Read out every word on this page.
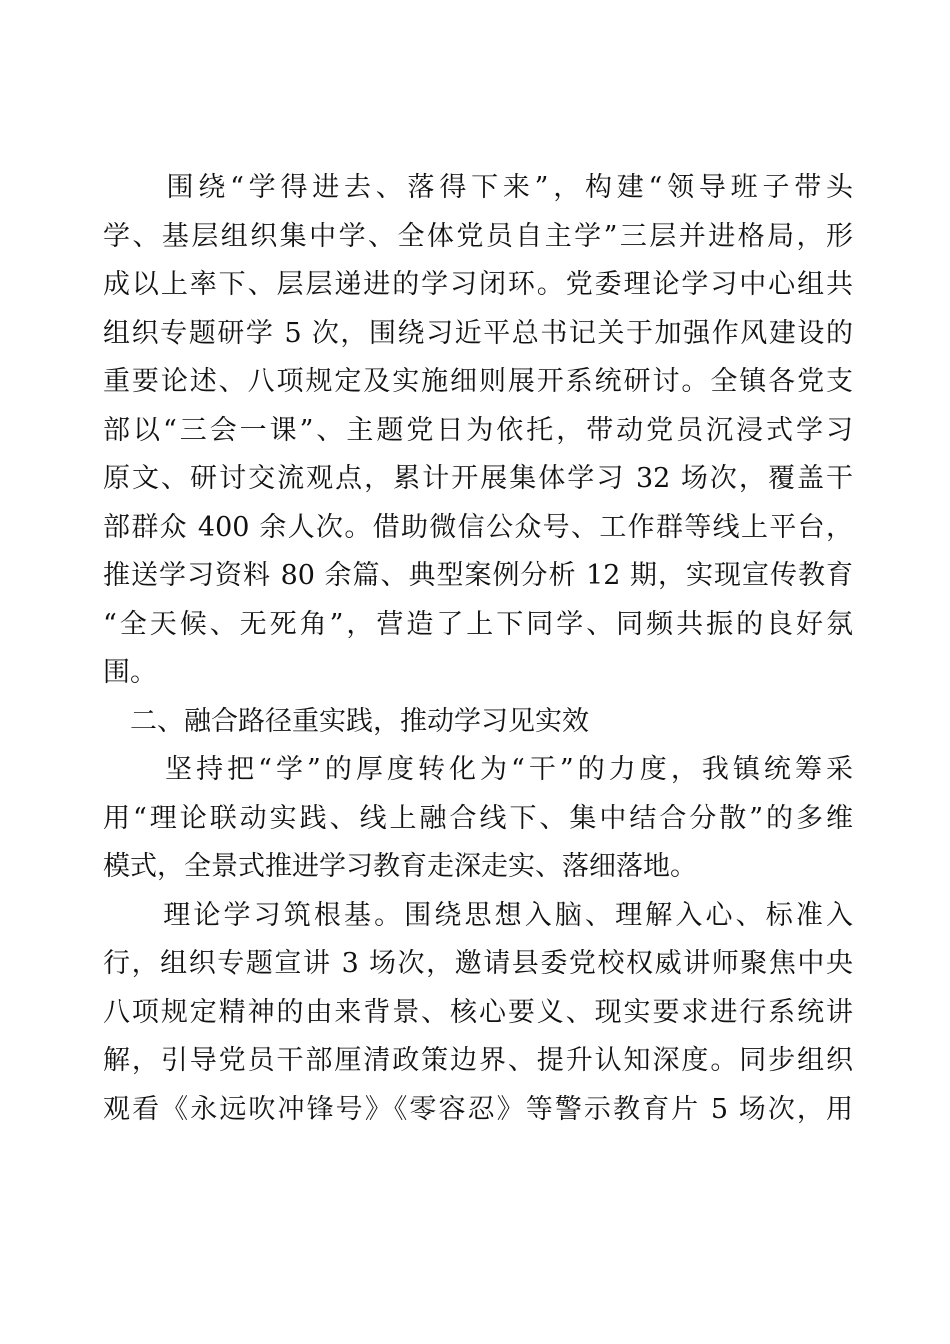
　　围绕“学得进去、落得下来”，构建“领导班子带头
学、基层组织集中学、全体党员自主学”三层并进格局，形
成以上率下、层层递进的学习闭环。党委理论学习中心组共
组织专题研学 5 次，围绕习近平总书记关于加强作风建设的
重要论述、八项规定及实施细则展开系统研讨。全镇各党支
部以“三会一课”、主题党日为依托，带动党员沉浸式学习
原文、研讨交流观点，累计开展集体学习 32 场次，覆盖干
部群众 400 余人次。借助微信公众号、工作群等线上平台，
推送学习资料 80 余篇、典型案例分析 12 期，实现宣传教育
“全天候、无死角”，营造了上下同学、同频共振的良好氛
围。
　二、融合路径重实践，推动学习见实效
　　坚持把“学”的厚度转化为“干”的力度，我镇统筹采
用“理论联动实践、线上融合线下、集中结合分散”的多维
模式，全景式推进学习教育走深走实、落细落地。
　　理论学习筑根基。围绕思想入脑、理解入心、标准入
行，组织专题宣讲 3 场次，邀请县委党校权威讲师聚焦中央
八项规定精神的由来背景、核心要义、现实要求进行系统讲
解，引导党员干部厘清政策边界、提升认知深度。同步组织
观看《永远吹冲锋号》《零容忍》等警示教育片 5 场次，用
